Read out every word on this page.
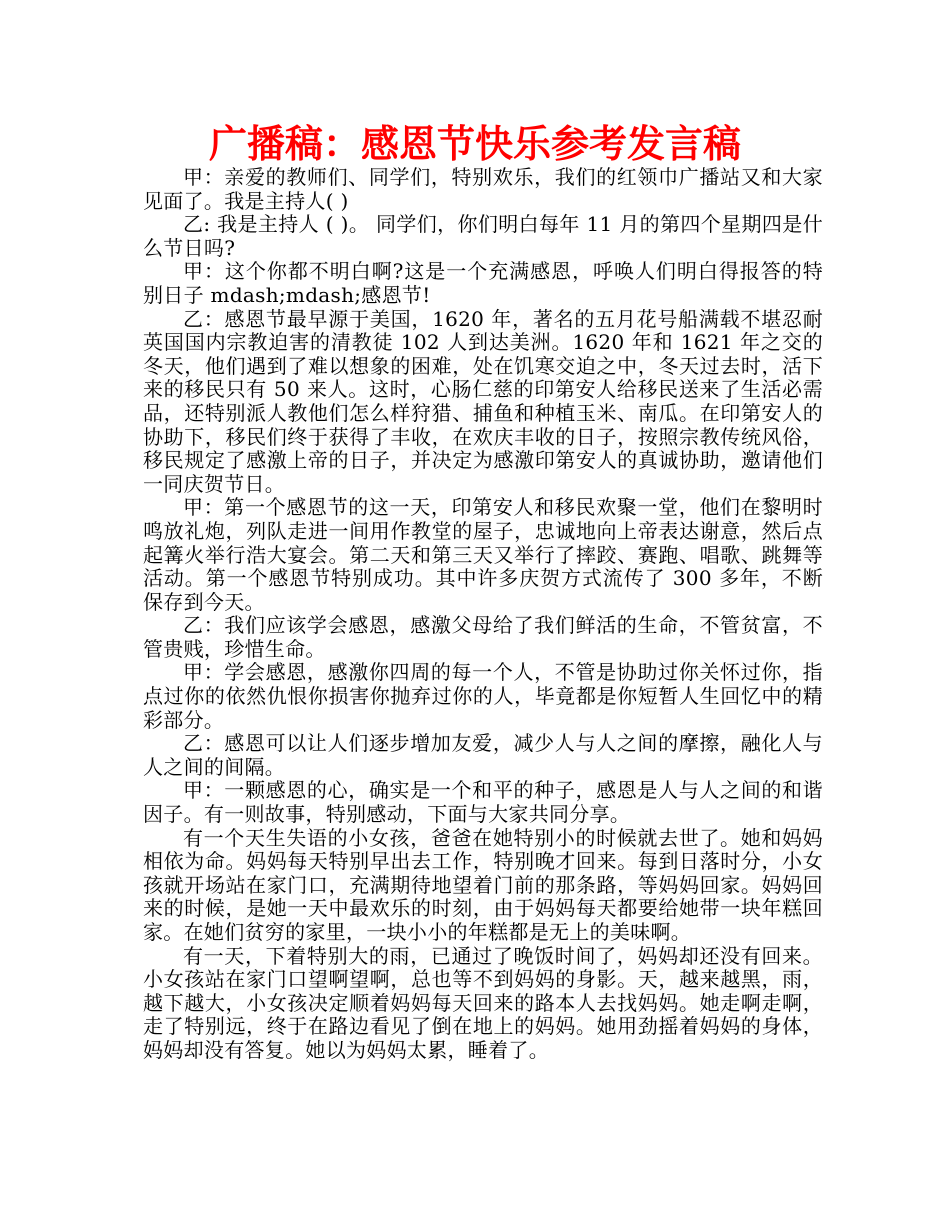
广播稿：感恩节快乐参考发言稿

甲：亲爱的教师们、同学们，特别欢乐，我们的红领巾广播站又和大家见面了。我是主持人( )

乙: 我是主持人 ( )。 同学们，你们明白每年 11 月的第四个星期四是什么节日吗?

甲：这个你都不明白啊?这是一个充满感恩，呼唤人们明白得报答的特别日子 mdash;mdash;感恩节!

乙：感恩节最早源于美国，1620 年，著名的五月花号船满载不堪忍耐英国国内宗教迫害的清教徒 102 人到达美洲。1620 年和 1621 年之交的冬天，他们遇到了难以想象的困难，处在饥寒交迫之中，冬天过去时，活下来的移民只有 50 来人。这时，心肠仁慈的印第安人给移民送来了生活必需品，还特别派人教他们怎么样狩猎、捕鱼和种植玉米、南瓜。在印第安人的协助下，移民们终于获得了丰收，在欢庆丰收的日子，按照宗教传统风俗，移民规定了感激上帝的日子，并决定为感激印第安人的真诚协助，邀请他们一同庆贺节日。

甲：第一个感恩节的这一天，印第安人和移民欢聚一堂，他们在黎明时鸣放礼炮，列队走进一间用作教堂的屋子，忠诚地向上帝表达谢意，然后点起篝火举行浩大宴会。第二天和第三天又举行了摔跤、赛跑、唱歌、跳舞等活动。第一个感恩节特别成功。其中许多庆贺方式流传了 300 多年，不断保存到今天。

乙：我们应该学会感恩，感激父母给了我们鲜活的生命，不管贫富，不管贵贱，珍惜生命。

甲：学会感恩，感激你四周的每一个人，不管是协助过你关怀过你，指点过你的依然仇恨你损害你抛弃过你的人，毕竟都是你短暂人生回忆中的精彩部分。

乙：感恩可以让人们逐步增加友爱，减少人与人之间的摩擦，融化人与人之间的间隔。

甲：一颗感恩的心，确实是一个和平的种子，感恩是人与人之间的和谐因子。有一则故事，特别感动，下面与大家共同分享。

有一个天生失语的小女孩，爸爸在她特别小的时候就去世了。她和妈妈相依为命。妈妈每天特别早出去工作，特别晚才回来。每到日落时分，小女孩就开场站在家门口，充满期待地望着门前的那条路，等妈妈回家。妈妈回来的时候，是她一天中最欢乐的时刻，由于妈妈每天都要给她带一块年糕回家。在她们贫穷的家里，一块小小的年糕都是无上的美味啊。

有一天，下着特别大的雨，已通过了晚饭时间了，妈妈却还没有回来。小女孩站在家门口望啊望啊，总也等不到妈妈的身影。天，越来越黑，雨，越下越大，小女孩决定顺着妈妈每天回来的路本人去找妈妈。她走啊走啊，走了特别远，终于在路边看见了倒在地上的妈妈。她用劲摇着妈妈的身体，妈妈却没有答复。她以为妈妈太累，睡着了。
